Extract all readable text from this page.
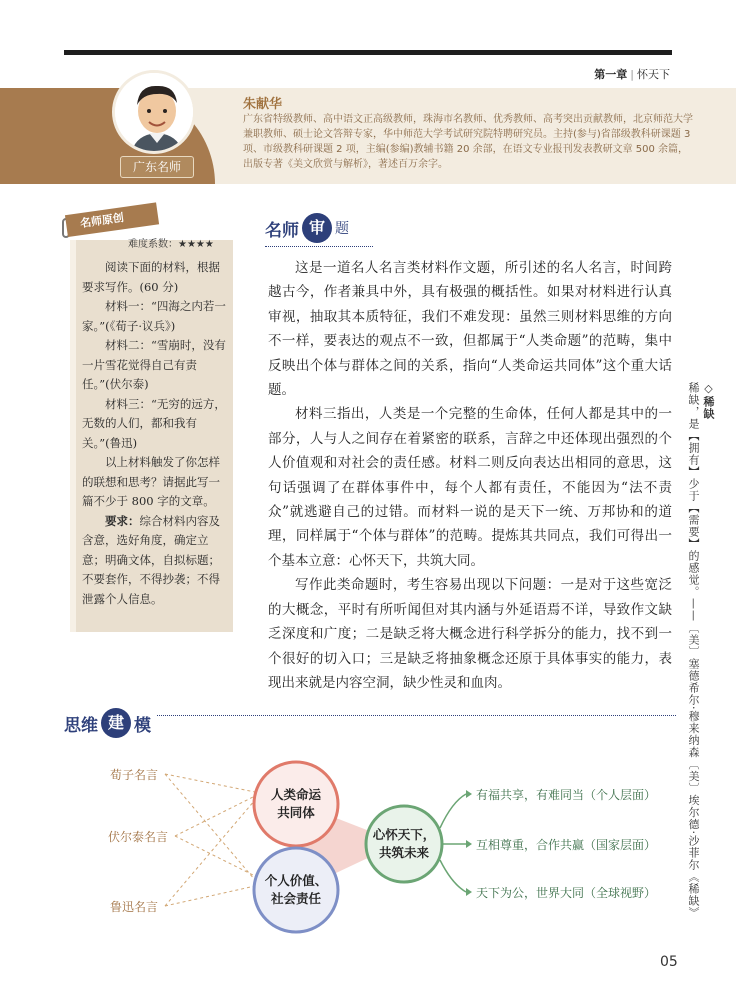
第一章 | 怀天下
广东名师
朱献华
广东省特级教师、高中语文正高级教师，珠海市名教师、优秀教师、高考突出贡献教师，北京师范大学兼职教师、硕士论文答辩专家，华中师范大学考试研究院特聘研究员。主持(参与)省部级教科研课题 3 项、市级教科研课题 2 项，主编(参编)教辅书籍 20 余部，在语文专业报刊发表教研文章 500 余篇，出版专著《美文欣赏与解析》，著述百万余字。
名师原创
难度系数：★★★★

阅读下面的材料，根据要求写作。(60 分)

材料一：“四海之内若一家。”(《荀子·议兵》)

材料二：“雪崩时，没有一片雪花觉得自己有责任。”(伏尔泰)

材料三：“无穷的远方，无数的人们，都和我有关。”(鲁迅)

以上材料触发了你怎样的联想和思考？请据此写一篇不少于 800 字的文章。

要求：综合材料内容及含意，选好角度，确定立意；明确文体，自拟标题；不要套作，不得抄袭；不得泄露个人信息。

名师 审 题

这是一道名人名言类材料作文题，所引述的名人名言，时间跨越古今，作者兼具中外，具有极强的概括性。如果对材料进行认真审视，抽取其本质特征，我们不难发现：虽然三则材料思维的方向不一样，要表达的观点不一致，但都属于“人类命题”的范畴，集中反映出个体与群体之间的关系，指向“人类命运共同体”这个重大话题。

材料三指出，人类是一个完整的生命体，任何人都是其中的一部分，人与人之间存在着紧密的联系，言辞之中还体现出强烈的个人价值观和对社会的责任感。材料二则反向表达出相同的意思，这句话强调了在群体事件中，每个人都有责任，不能因为“法不责众”就逃避自己的过错。而材料一说的是天下一统、万邦协和的道理，同样属于“个体与群体”的范畴。提炼其共同点，我们可得出一个基本立意：心怀天下，共筑大同。

写作此类命题时，考生容易出现以下问题：一是对于这些宽泛的大概念，平时有所听闻但对其内涵与外延语焉不详，导致作文缺乏深度和广度；二是缺乏将大概念进行科学拆分的能力，找不到一个很好的切入口；三是缺乏将抽象概念还原于具体事实的能力，表现出来就是内容空洞，缺少性灵和血肉。

◇稀缺
稀缺，是【拥有】少于【需要】的感觉。——〔美〕塞德希尔·穆来纳森〔美〕埃尔德·沙菲尔《稀缺》
思维 建 模
荀子名言
伏尔泰名言
鲁迅名言
人类命运
共同体
个人价值、
社会责任
心怀天下，
共筑未来
有福共享，有难同当（个人层面）
互相尊重，合作共赢（国家层面）
天下为公，世界大同（全球视野）
05
